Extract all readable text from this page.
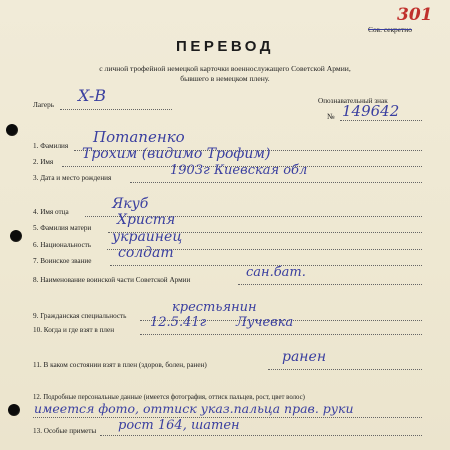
Сов. секретно
301
ПЕРЕВОД
с личной трофейной немецкой карточки военнослужащего Советской Армии,
бывшего в немецком плену.
Лагерь X-B	Опознавательный знак
№ 149642
1. Фамилия Потапенко
2. Имя Трохим (видимо Трофим)
3. Дата и место рождения	1903г Киевская обл
4. Имя отца	Якуб
5. Фамилия матери Христя
6. Национальность украинец
7. Воинское звание солдат
8. Наименование воинской части Советской Армии	сан.бат.
9. Гражданская специальность
крестьянин
10. Когда и где взят в плен	12.5.41г Лучевка
11. В каком состоянии взят в плен (здоров, болен, ранен)	ранен
12. Подробные персональные данные (имеется фотография, оттиск пальцев, рост, цвет волос)
имеется фото, оттиск указ.пальца прав. руки
13. Особые приметы рост 164, шатен
